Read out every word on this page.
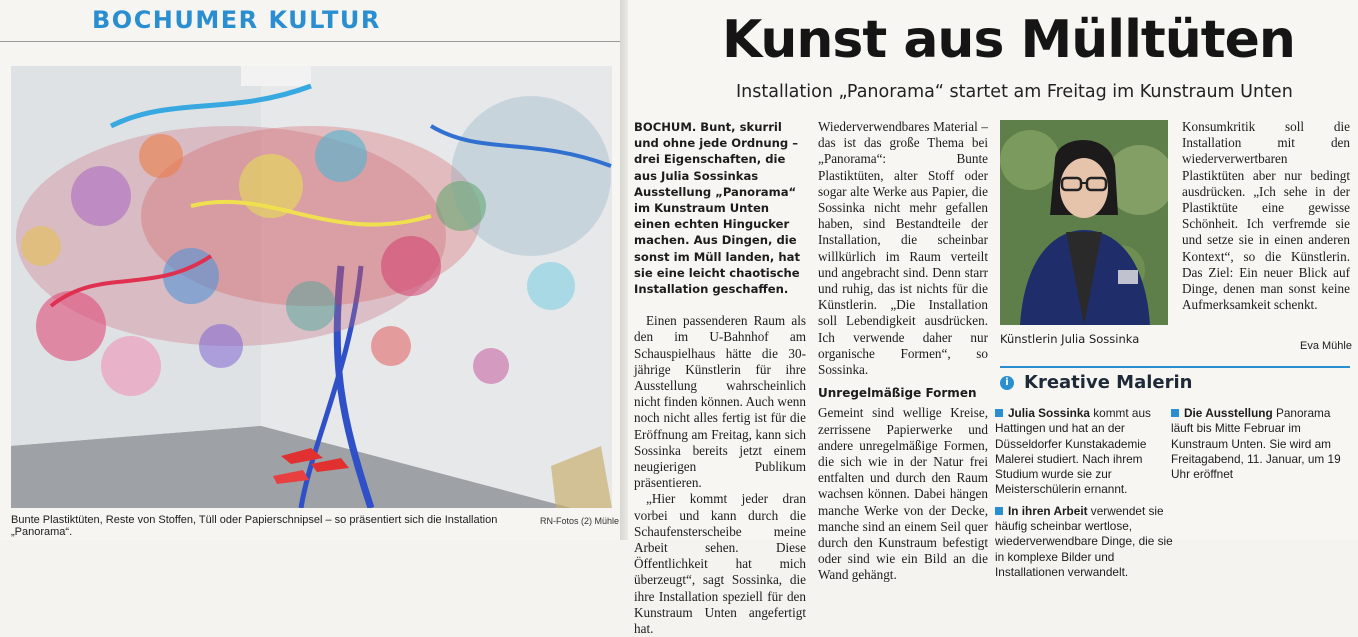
BOCHUMER KULTUR
Bunte Plastiktüten, Reste von Stoffen, Tüll oder Papierschnipsel – so präsentiert sich die Installation „Panorama“.
RN-Fotos (2) Mühle
Kunst aus Mülltüten
Installation „Panorama“ startet am Freitag im Kunstraum Unten

BOCHUM. Bunt, skurril und ohne jede Ordnung – drei Eigenschaften, die aus Julia Sossinkas Ausstellung „Panorama“ im Kunstraum Unten einen echten Hingucker machen. Aus Dingen, die sonst im Müll landen, hat sie eine leicht chaotische Installation geschaffen.

Einen passenderen Raum als den im U-Bahnhof am Schauspielhaus hätte die 30-jährige Künstlerin für ihre Ausstellung wahrscheinlich nicht finden können. Auch wenn noch nicht alles fertig ist für die Eröffnung am Freitag, kann sich Sossinka bereits jetzt einem neugierigen Publikum präsentieren.

„Hier kommt jeder dran vorbei und kann durch die Schaufensterscheibe meine Arbeit sehen. Diese Öffentlichkeit hat mich überzeugt“, sagt Sossinka, die ihre Installation speziell für den Kunstraum Unten angefertigt hat.

Wiederverwendbares Material – das ist das große Thema bei „Panorama“: Bunte Plastiktüten, alter Stoff oder sogar alte Werke aus Papier, die Sossinka nicht mehr gefallen haben, sind Bestandteile der Installation, die scheinbar willkürlich im Raum verteilt und angebracht sind. Denn starr und ruhig, das ist nichts für die Künstlerin. „Die Installation soll Lebendigkeit ausdrücken. Ich verwende daher nur organische Formen“, so Sossinka.

Unregelmäßige Formen

Gemeint sind wellige Kreise, zerrissene Papierwerke und andere unregelmäßige Formen, die sich wie in der Natur frei entfalten und durch den Raum wachsen können. Dabei hängen manche Werke von der Decke, manche sind an einem Seil quer durch den Kunstraum befestigt oder sind wie ein Bild an die Wand gehängt.

Künstlerin Julia Sossinka

Konsumkritik soll die Installation mit den wiederverwertbaren Plastiktüten aber nur bedingt ausdrücken. „Ich sehe in der Plastiktüte eine gewisse Schönheit. Ich verfremde sie und setze sie in einen anderen Kontext“, so die Künstlerin. Das Ziel: Ein neuer Blick auf Dinge, denen man sonst keine Aufmerksamkeit schenkt.

Eva Mühle
i Kreative Malerin

Julia Sossinka kommt aus Hattingen und hat an der Düsseldorfer Kunstakademie Malerei studiert. Nach ihrem Studium wurde sie zur Meisterschülerin ernannt.

In ihren Arbeit verwendet sie häufig scheinbar wertlose, wiederverwendbare Dinge, die sie in komplexe Bilder und Installationen verwandelt.

Die Ausstellung Panorama läuft bis Mitte Februar im Kunstraum Unten. Sie wird am Freitagabend, 11. Januar, um 19 Uhr eröffnet
